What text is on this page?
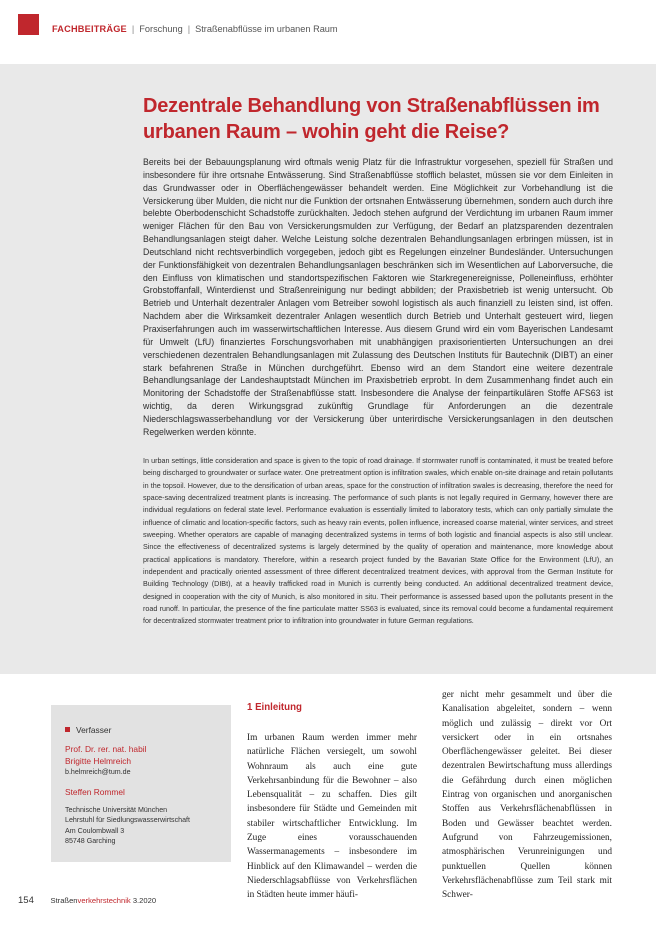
FACHBEITRÄGE | Forschung | Straßenabflüsse im urbanen Raum
Dezentrale Behandlung von Straßenabflüssen im urbanen Raum – wohin geht die Reise?

Bereits bei der Bebauungsplanung wird oftmals wenig Platz für die Infrastruktur vorgesehen, speziell für Straßen und insbesondere für ihre ortsnahe Entwässerung. Sind Straßenabflüsse stofflich belastet, müssen sie vor dem Einleiten in das Grundwasser oder in Oberflächengewässer behandelt werden. Eine Möglichkeit zur Vorbehandlung ist die Versickerung über Mulden, die nicht nur die Funktion der ortsnahen Entwässerung übernehmen, sondern auch durch ihre belebte Oberbodenschicht Schadstoffe zurückhalten. Jedoch stehen aufgrund der Verdichtung im urbanen Raum immer weniger Flächen für den Bau von Versickerungsmulden zur Verfügung, der Bedarf an platzsparenden dezentralen Behandlungsanlagen steigt daher. Welche Leistung solche dezentralen Behandlungsanlagen erbringen müssen, ist in Deutschland nicht rechtsverbindlich vorgegeben, jedoch gibt es Regelungen einzelner Bundesländer. Untersuchungen der Funktionsfähigkeit von dezentralen Behandlungsanlagen beschränken sich im Wesentlichen auf Laborversuche, die den Einfluss von klimatischen und standortspezifischen Faktoren wie Starkregenereignisse, Polleneinfluss, erhöhter Grobstoffanfall, Winterdienst und Straßenreinigung nur bedingt abbilden; der Praxisbetrieb ist wenig untersucht. Ob Betrieb und Unterhalt dezentraler Anlagen vom Betreiber sowohl logistisch als auch finanziell zu leisten sind, ist offen. Nachdem aber die Wirksamkeit dezentraler Anlagen wesentlich durch Betrieb und Unterhalt gesteuert wird, liegen Praxiserfahrungen auch im wasserwirtschaftlichen Interesse. Aus diesem Grund wird ein vom Bayerischen Landesamt für Umwelt (LfU) finanziertes Forschungsvorhaben mit unabhängigen praxisorientierten Untersuchungen an drei verschiedenen dezentralen Behandlungsanlagen mit Zulassung des Deutschen Instituts für Bautechnik (DIBT) an einer stark befahrenen Straße in München durchgeführt. Ebenso wird an dem Standort eine weitere dezentrale Behandlungsanlage der Landeshauptstadt München im Praxisbetrieb erprobt. In dem Zusammenhang findet auch ein Monitoring der Schadstoffe der Straßenabflüsse statt. Insbesondere die Analyse der feinpartikulären Stoffe AFS63 ist wichtig, da deren Wirkungsgrad zukünftig Grundlage für Anforderungen an die dezentrale Niederschlagswasserbehandlung vor der Versickerung über unterirdische Versickerungsanlagen in den deutschen Regelwerken werden könnte.

In urban settings, little consideration and space is given to the topic of road drainage. If stormwater runoff is contaminated, it must be treated before being discharged to groundwater or surface water. One pretreatment option is infiltration swales, which enable on-site drainage and retain pollutants in the topsoil. However, due to the densification of urban areas, space for the construction of infiltration swales is decreasing, therefore the need for space-saving decentralized treatment plants is increasing. The performance of such plants is not legally required in Germany, however there are individual regulations on federal state level. Performance evaluation is essentially limited to laboratory tests, which can only partially simulate the influence of climatic and location-specific factors, such as heavy rain events, pollen influence, increased coarse material, winter services, and street sweeping. Whether operators are capable of managing decentralized systems in terms of both logistic and financial aspects is also still unclear. Since the effectiveness of decentralized systems is largely determined by the quality of operation and maintenance, more knowledge about practical applications is mandatory. Therefore, within a research project funded by the Bavarian State Office for the Environment (LfU), an independent and practically oriented assessment of three different decentralized treatment devices, with approval from the German Institute for Building Technology (DIBt), at a heavily trafficked road in Munich is currently being conducted. An additional decentralized treatment device, designed in cooperation with the city of Munich, is also monitored in situ. Their performance is assessed based upon the pollutants present in the road runoff. In particular, the presence of the fine particulate matter SS63 is evaluated, since its removal could become a fundamental requirement for decentralized stormwater treatment prior to infiltration into groundwater in future German regulations.

Verfasser
Prof. Dr. rer. nat. habil
Brigitte Helmreich
b.helmreich@tum.de
Steffen Rommel
Technische Universität München
Lehrstuhl für Siedlungswasserwirtschaft
Am Coulombwall 3
85748 Garching
1 Einleitung

Im urbanen Raum werden immer mehr natürliche Flächen versiegelt, um sowohl Wohnraum als auch eine gute Verkehrsanbindung für die Bewohner – also Lebensqualität – zu schaffen. Dies gilt insbesondere für Städte und Gemeinden mit stabiler wirtschaftlicher Entwicklung. Im Zuge eines vorausschauenden Wassermanagements – insbesondere im Hinblick auf den Klimawandel – werden die Niederschlagsabflüsse von Verkehrsflächen in Städten heute immer häufi-

ger nicht mehr gesammelt und über die Kanalisation abgeleitet, sondern – wenn möglich und zulässig – direkt vor Ort versickert oder in ein ortsnahes Oberflächengewässer geleitet. Bei dieser dezentralen Bewirtschaftung muss allerdings die Gefährdung durch einen möglichen Eintrag von organischen und anorganischen Stoffen aus Verkehrsflächenabflüssen in Boden und Gewässer beachtet werden. Aufgrund von Fahrzeugemissionen, atmosphärischen Verunreinigungen und punktuellen Quellen können Verkehrsflächenabflüsse zum Teil stark mit Schwer-

154 Straßenverkehrstechnik 3.2020
